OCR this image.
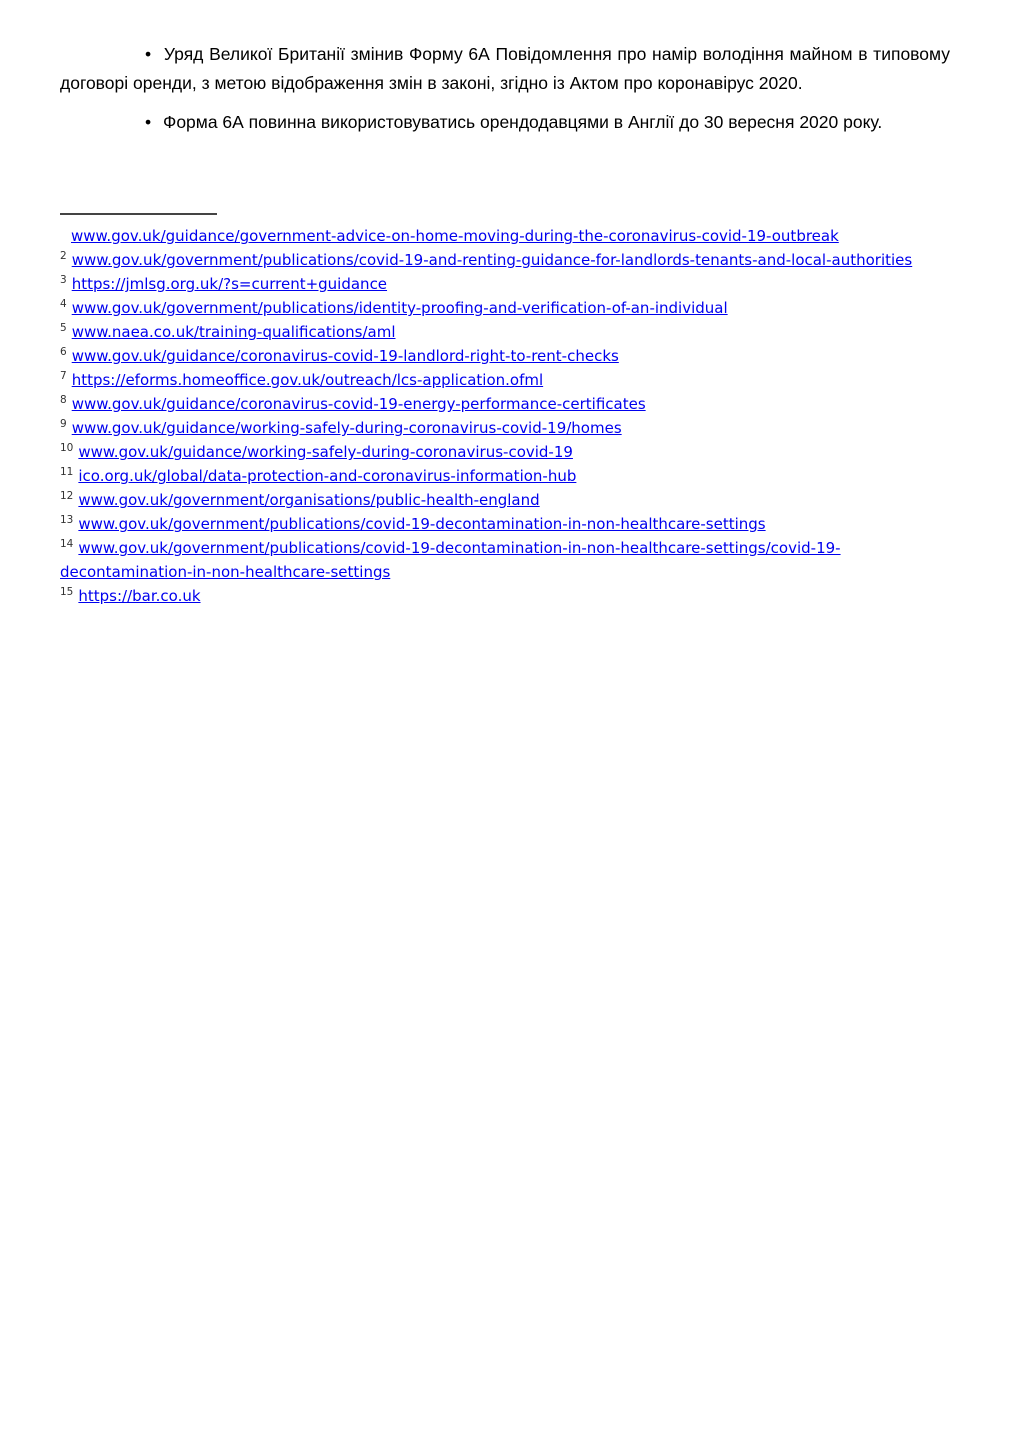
• Уряд Великої Британії змінив Форму 6А Повідомлення про намір володіння майном в типовому договорі оренди, з метою відображення змін в законі, згідно із Актом про коронавірус 2020.

• Форма 6А повинна використовуватись орендодавцями в Англії до 30 вересня 2020 року.

www.gov.uk/guidance/government-advice-on-home-moving-during-the-coronavirus-covid-19-outbreak
$^2$ www.gov.uk/government/publications/covid-19-and-renting-guidance-for-landlords-tenants-and-local-authorities
$^3$ https://jmlsg.org.uk/?s=current+guidance
$^4$ www.gov.uk/government/publications/identity-proofing-and-verification-of-an-individual
$^5$ www.naea.co.uk/training-qualifications/aml
$^6$ www.gov.uk/guidance/coronavirus-covid-19-landlord-right-to-rent-checks
$^7$ https://eforms.homeoffice.gov.uk/outreach/lcs-application.ofml
$^8$ www.gov.uk/guidance/coronavirus-covid-19-energy-performance-certificates
$^9$ www.gov.uk/guidance/working-safely-during-coronavirus-covid-19/homes
$^{10}$ www.gov.uk/guidance/working-safely-during-coronavirus-covid-19
$^{11}$ ico.org.uk/global/data-protection-and-coronavirus-information-hub
$^{12}$ www.gov.uk/government/organisations/public-health-england
$^{13}$ www.gov.uk/government/publications/covid-19-decontamination-in-non-healthcare-settings
$^{14}$ www.gov.uk/government/publications/covid-19-decontamination-in-non-healthcare-settings/covid-19-decontamination-in-non-healthcare-settings
$^{15}$ https://bar.co.uk
